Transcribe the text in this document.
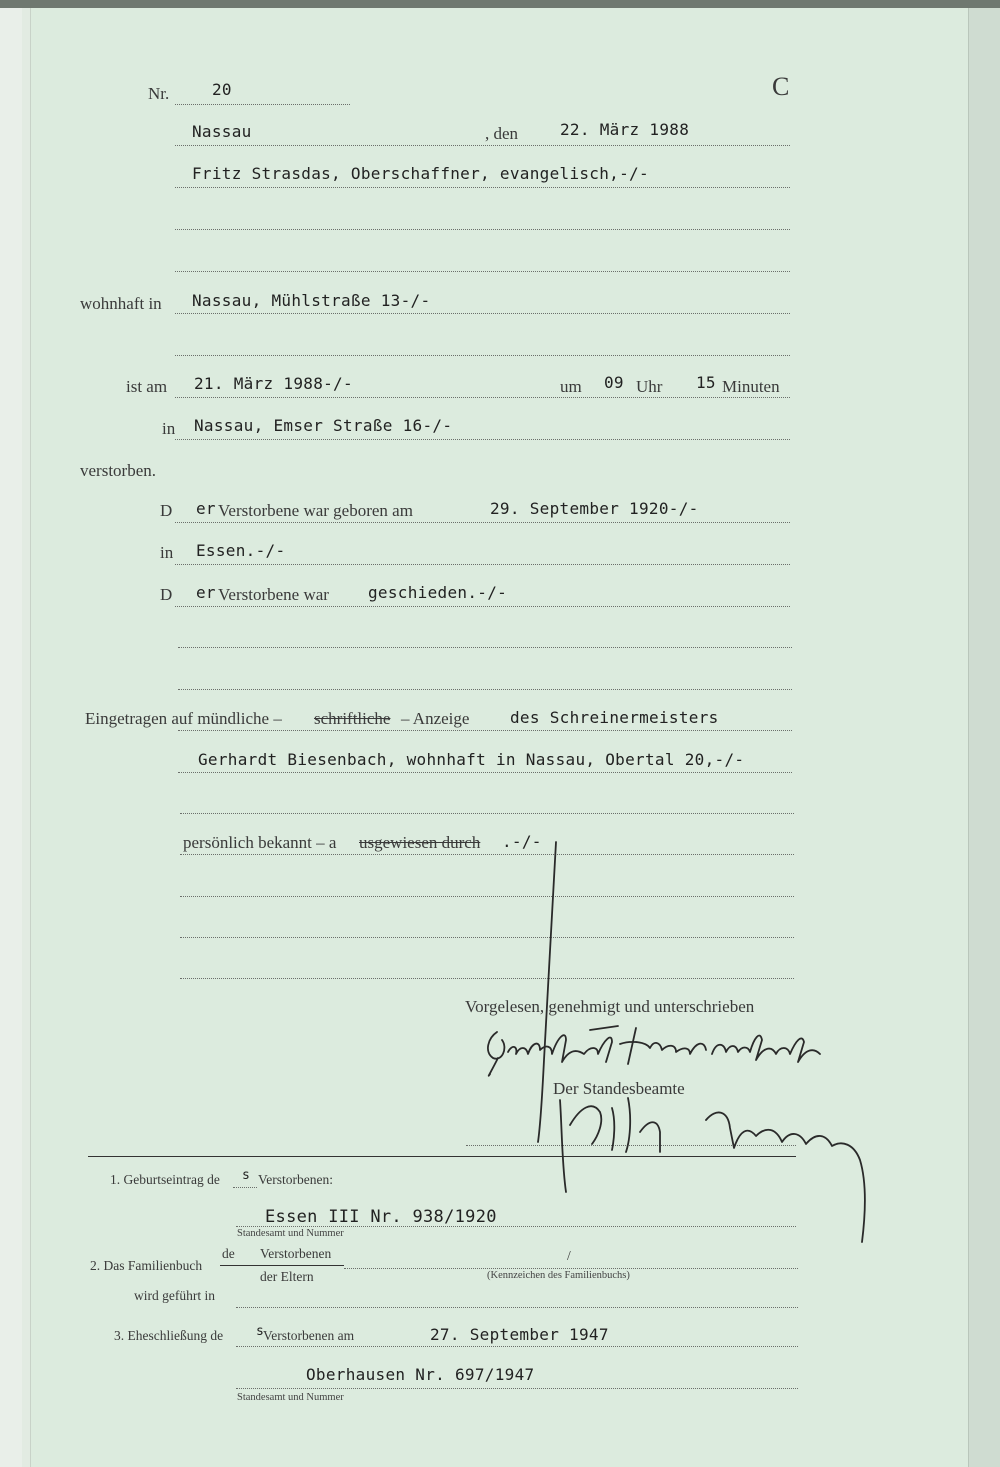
Nr.	20	C
Nassau	, den	22. März 1988
Fritz Strasdas, Oberschaffner, evangelisch,-/-
wohnhaft in Nassau, Mühlstraße 13-/-
ist am 21. März 1988-/-	um 09 Uhr 15 Minuten
in Nassau, Emser Straße 16-/-
verstorben.
D er Verstorbene war geboren am	29. September 1920-/-
in Essen.-/-
D er Verstorbene war geschieden.-/-
Eingetragen auf mündliche – schriftliche – Anzeige	des Schreinermeisters
Gerhardt Biesenbach, wohnhaft in Nassau, Obertal 20,-/-
persönlich bekannt – a usgewiesen durch .-/-
Vorgelesen, genehmigt und unterschrieben
Der Standesbeamte
1. Geburtseintrag de s Verstorbenen:
Essen III Nr. 938/1920
Standesamt und Nummer
2. Das Familienbuch
de Verstorbenen
der Eltern
/
(Kennzeichen des Familienbuchs)
wird geführt in
3. Eheschließung de	s
Verstorbenen am	27. September 1947
Oberhausen Nr. 697/1947
Standesamt und Nummer
